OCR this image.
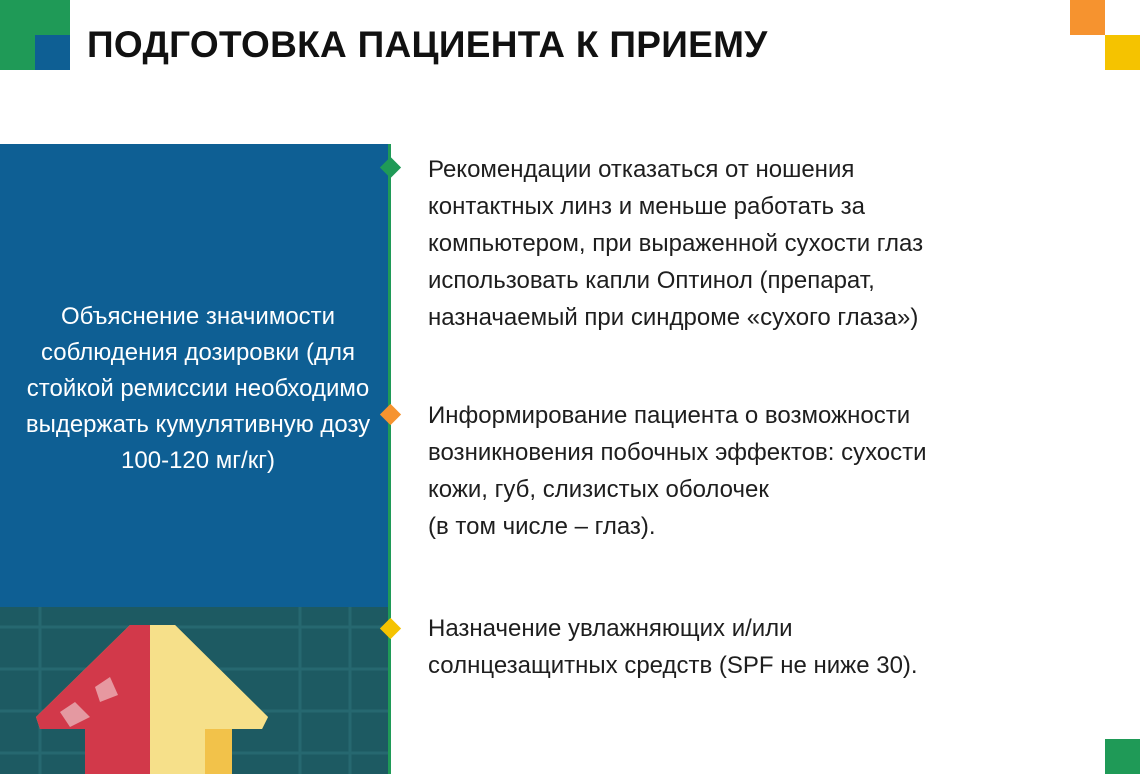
ПОДГОТОВКА ПАЦИЕНТА К ПРИЕМУ
Объяснение значимости соблюдения дозировки (для стойкой ремиссии необходимо выдержать кумулятивную дозу 100-120 мг/кг)
Рекомендации отказаться от ношения
контактных линз и меньше работать за
компьютером, при выраженной сухости глаз
использовать капли Оптинол (препарат,
назначаемый при синдроме «сухого глаза»)
Информирование пациента о возможности
возникновения побочных эффектов: сухости
кожи, губ, слизистых оболочек
(в том числе – глаз).
Назначение увлажняющих и/или
солнцезащитных средств (SPF не ниже 30).
